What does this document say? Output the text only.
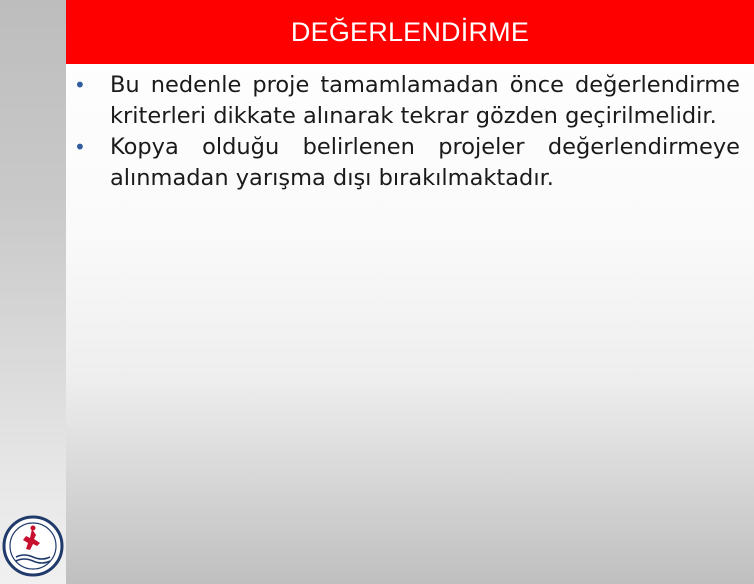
DEĞERLENDİRME
• Bu nedenle proje tamamlamadan önce değerlendirme kriterleri dikkate alınarak tekrar gözden geçirilmelidir.
• Kopya olduğu belirlenen projeler değerlendirmeye alınmadan yarışma dışı bırakılmaktadır.
